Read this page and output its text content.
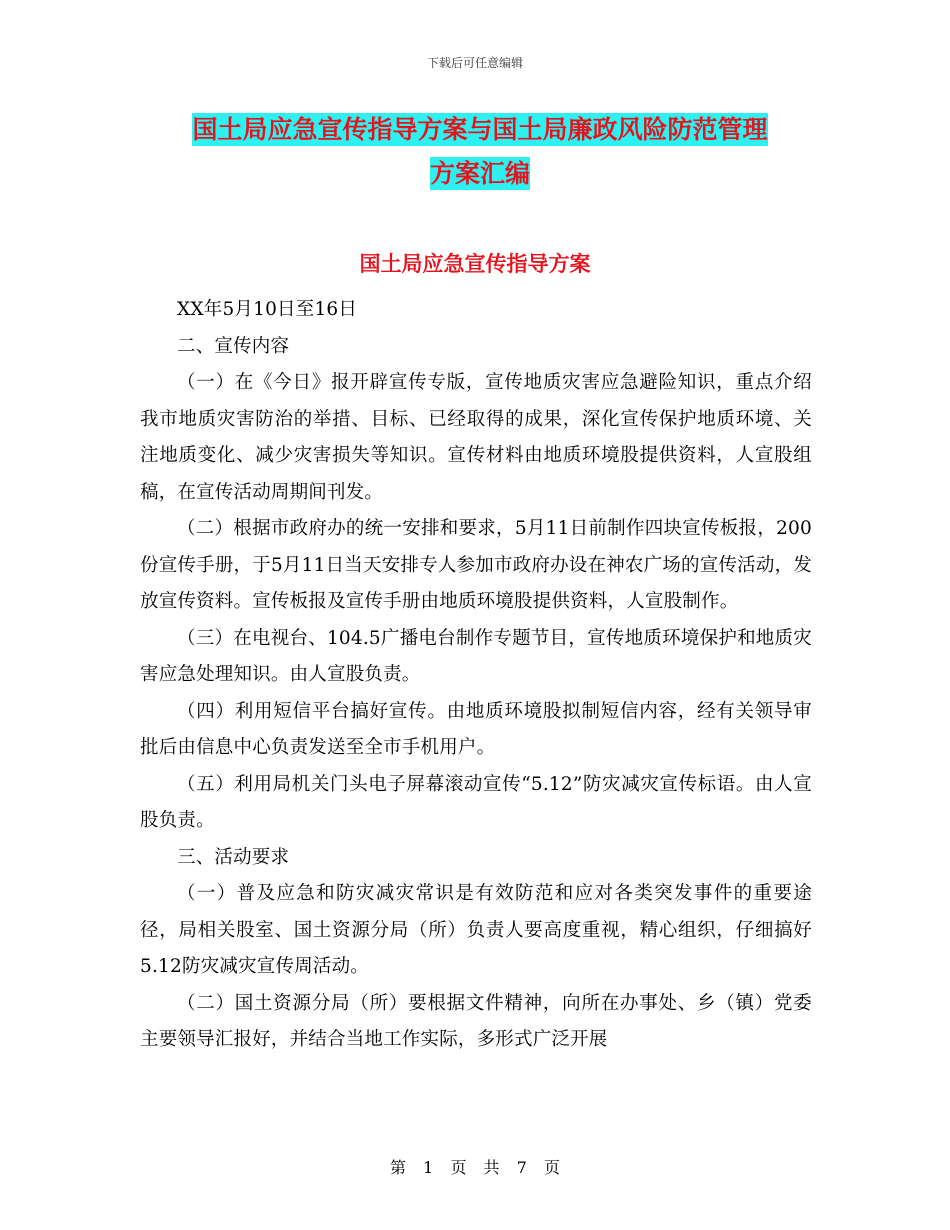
下载后可任意编辑
国土局应急宣传指导方案与国土局廉政风险防范管理
方案汇编
国土局应急宣传指导方案

XX年5月10日至16日

二、宣传内容

（一）在《今日》报开辟宣传专版，宣传地质灾害应急避险知识，重点介绍我市地质灾害防治的举措、目标、已经取得的成果，深化宣传保护地质环境、关注地质变化、减少灾害损失等知识。宣传材料由地质环境股提供资料，人宣股组稿，在宣传活动周期间刊发。

（二）根据市政府办的统一安排和要求，5月11日前制作四块宣传板报，200份宣传手册，于5月11日当天安排专人参加市政府办设在神农广场的宣传活动，发放宣传资料。宣传板报及宣传手册由地质环境股提供资料，人宣股制作。

（三）在电视台、104.5广播电台制作专题节目，宣传地质环境保护和地质灾害应急处理知识。由人宣股负责。

（四）利用短信平台搞好宣传。由地质环境股拟制短信内容，经有关领导审批后由信息中心负责发送至全市手机用户。

（五）利用局机关门头电子屏幕滚动宣传“5.12”防灾减灾宣传标语。由人宣股负责。

三、活动要求

（一）普及应急和防灾减灾常识是有效防范和应对各类突发事件的重要途径，局相关股室、国土资源分局（所）负责人要高度重视，精心组织，仔细搞好5.12防灾减灾宣传周活动。

（二）国土资源分局（所）要根据文件精神，向所在办事处、乡（镇）党委主要领导汇报好，并结合当地工作实际，多形式广泛开展

第 1 页 共 7 页
